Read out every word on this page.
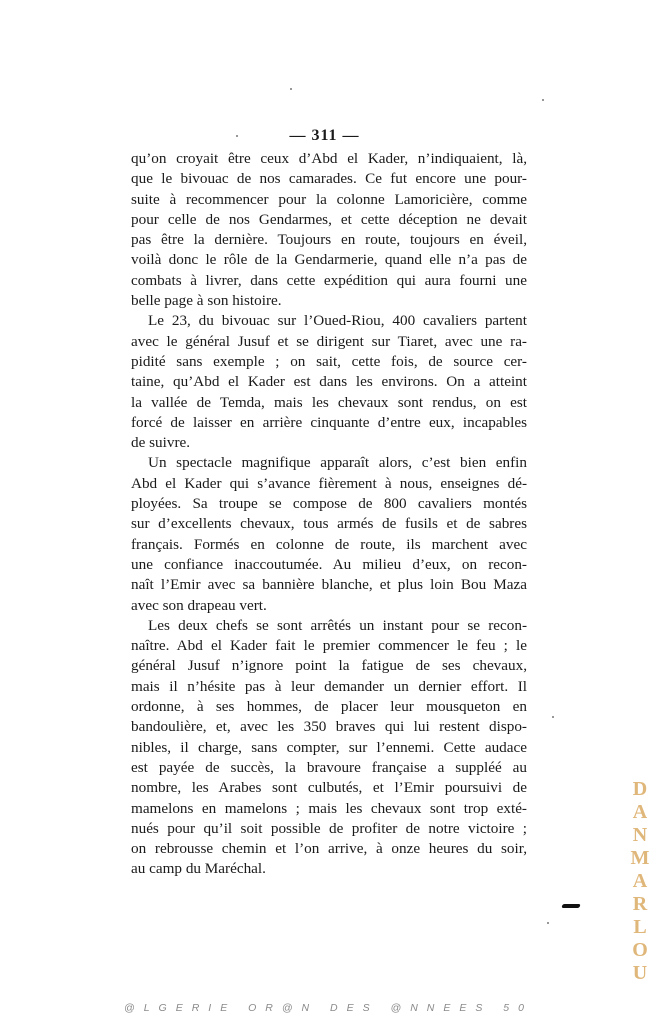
— 311 —
qu’on croyait être ceux d’Abd el Kader, n’indiquaient, là,
que le bivouac de nos camarades. Ce fut encore une pour-
suite à recommencer pour la colonne Lamoricière, comme
pour celle de nos Gendarmes, et cette déception ne devait
pas être la dernière. Toujours en route, toujours en éveil,
voilà donc le rôle de la Gendarmerie, quand elle n’a pas de
combats à livrer, dans cette expédition qui aura fourni une
belle page à son histoire.
Le 23, du bivouac sur l’Oued-Riou, 400 cavaliers partent
avec le général Jusuf et se dirigent sur Tiaret, avec une ra-
pidité sans exemple ; on sait, cette fois, de source cer-
taine, qu’Abd el Kader est dans les environs. On a atteint
la vallée de Temda, mais les chevaux sont rendus, on est
forcé de laisser en arrière cinquante d’entre eux, incapables
de suivre.
Un spectacle magnifique apparaît alors, c’est bien enfin
Abd el Kader qui s’avance fièrement à nous, enseignes dé-
ployées. Sa troupe se compose de 800 cavaliers montés
sur d’excellents chevaux, tous armés de fusils et de sabres
français. Formés en colonne de route, ils marchent avec
une confiance inaccoutumée. Au milieu d’eux, on recon-
naît l’Emir avec sa bannière blanche, et plus loin Bou Maza
avec son drapeau vert.
Les deux chefs se sont arrêtés un instant pour se recon-
naître. Abd el Kader fait le premier commencer le feu ; le
général Jusuf n’ignore point la fatigue de ses chevaux,
mais il n’hésite pas à leur demander un dernier effort. Il
ordonne, à ses hommes, de placer leur mousqueton en
bandoulière, et, avec les 350 braves qui lui restent dispo-
nibles, il charge, sans compter, sur l’ennemi. Cette audace
est payée de succès, la bravoure française a suppléé au
nombre, les Arabes sont culbutés, et l’Emir poursuivi de
mamelons en mamelons ; mais les chevaux sont trop exté-
nués pour qu’il soit possible de profiter de notre victoire ;
on rebrousse chemin et l’on arrive, à onze heures du soir,
au camp du Maréchal.
D
A
N
M
A
R
L
O
U
@LGERIE OR@N DES @NNEES 50
